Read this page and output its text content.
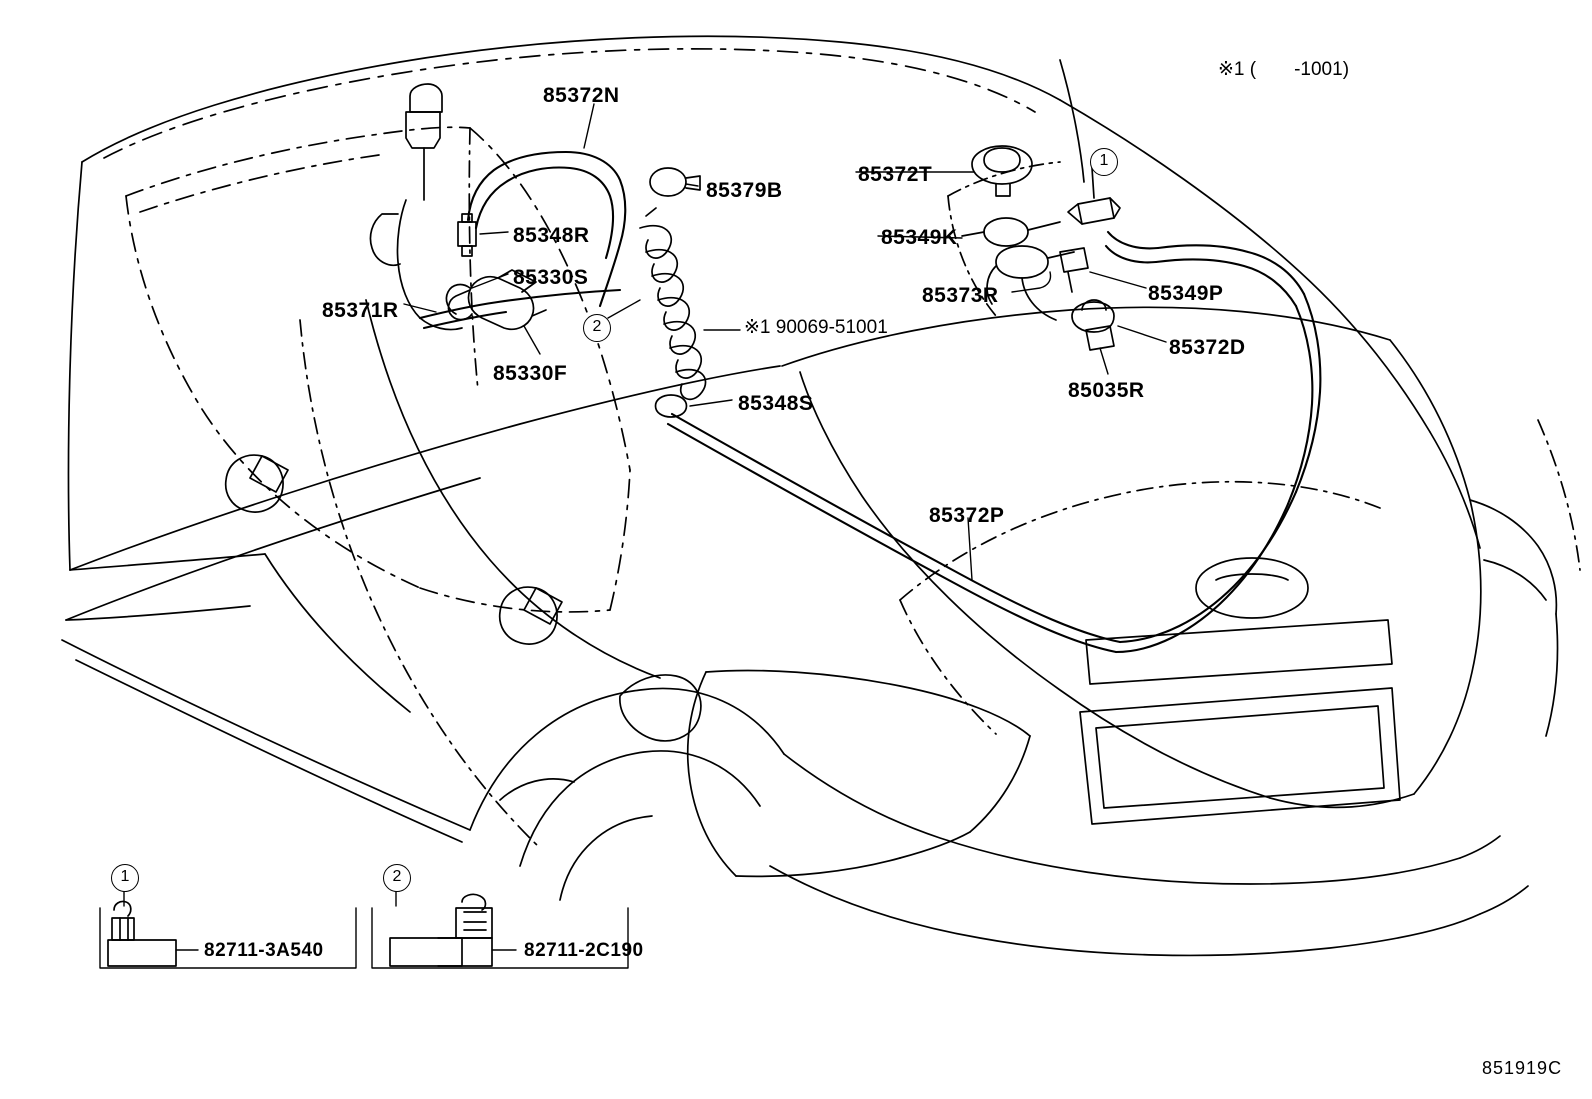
※1 (　　-1001)
85372N
85379B
85372T
85348R	85349K
85330S
85373R	85349P
85371R
85372D
85330F
85035R
85348S
85372P
※1 90069-51001
1
2
1	2
82711-3A540	82711-2C190
851919C
